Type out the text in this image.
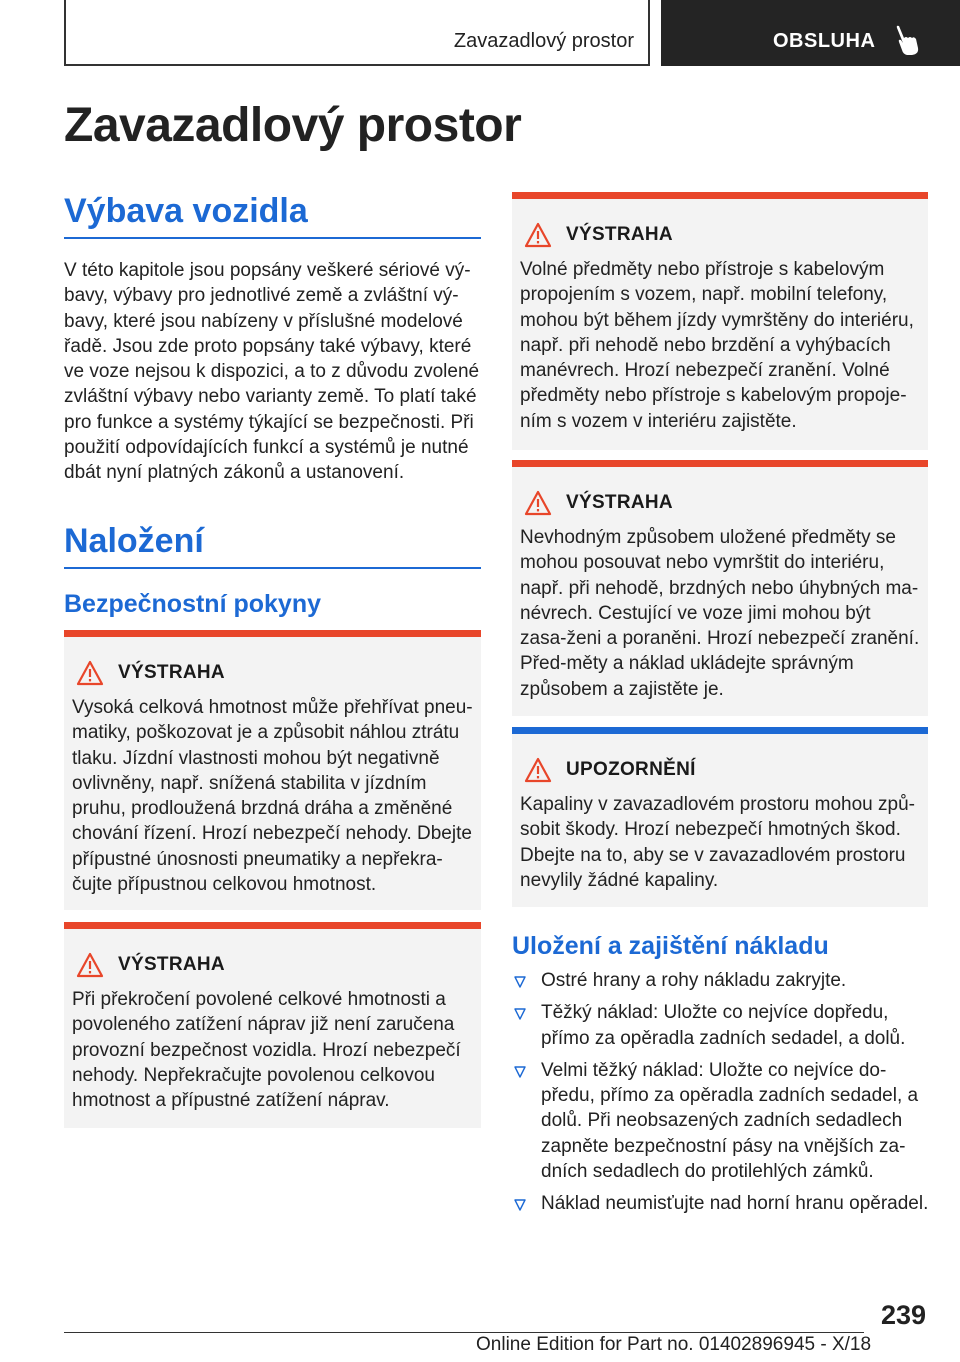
Zavazadlový prostor	OBSLUHA
Zavazadlový prostor
Výbava vozidla

V této kapitole jsou popsány veškeré sériové vý-bavy, výbavy pro jednotlivé země a zvláštní vý-bavy, které jsou nabízeny v příslušné modelové řadě. Jsou zde proto popsány také výbavy, které ve voze nejsou k dispozici, a to z důvodu zvolené zvláštní výbavy nebo varianty země. To platí také pro funkce a systémy týkající se bezpečnosti. Při použití odpovídajících funkcí a systémů je nutné dbát nyní platných zákonů a ustanovení.

Naložení
Bezpečnostní pokyny
VÝSTRAHA

Vysoká celková hmotnost může přehřívat pneu-matiky, poškozovat je a způsobit náhlou ztrátu tlaku. Jízdní vlastnosti mohou být negativně ovlivněny, např. snížená stabilita v jízdním pruhu, prodloužená brzdná dráha a změněné chování řízení. Hrozí nebezpečí nehody. Dbejte přípustné únosnosti pneumatiky a nepřekra-čujte přípustnou celkovou hmotnost.

VÝSTRAHA

Při překročení povolené celkové hmotnosti a povoleného zatížení náprav již není zaručena provozní bezpečnost vozidla. Hrozí nebezpečí nehody. Nepřekračujte povolenou celkovou hmotnost a přípustné zatížení náprav.

VÝSTRAHA

Volné předměty nebo přístroje s kabelovým propojením s vozem, např. mobilní telefony, mohou být během jízdy vymrštěny do interiéru, např. při nehodě nebo brzdění a vyhýbacích manévrech. Hrozí nebezpečí zranění. Volné předměty nebo přístroje s kabelovým propoje-ním s vozem v interiéru zajistěte.

VÝSTRAHA

Nevhodným způsobem uložené předměty se mohou posouvat nebo vymrštit do interiéru, např. při nehodě, brzdných nebo úhybných ma-névrech. Cestující ve voze jimi mohou být zasa-ženi a poraněni. Hrozí nebezpečí zranění. Před-měty a náklad ukládejte správným způsobem a zajistěte je.

UPOZORNĚNÍ

Kapaliny v zavazadlovém prostoru mohou způ-sobit škody. Hrozí nebezpečí hmotných škod. Dbejte na to, aby se v zavazadlovém prostoru nevylily žádné kapaliny.

Uložení a zajištění nákladu
Ostré hrany a rohy nákladu zakryjte.
Těžký náklad: Uložte co nejvíce dopředu, přímo za opěradla zadních sedadel, a dolů.
Velmi těžký náklad: Uložte co nejvíce do-předu, přímo za opěradla zadních sedadel, a dolů. Při neobsazených zadních sedadlech zapněte bezpečnostní pásy na vnějších za-dních sedadlech do protilehlých zámků.
Náklad neumisťujte nad horní hranu opěradel.
239
Online Edition for Part no. 01402896945 - X/18
